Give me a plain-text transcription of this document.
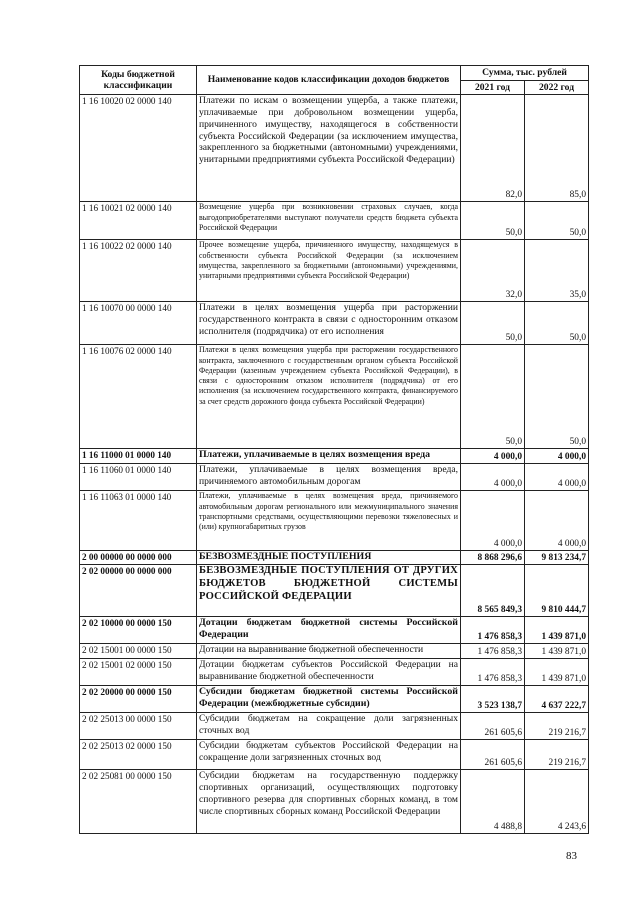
Коды бюджетной классификации	Наименование кодов классификации доходов бюджетов	Сумма, тыс. рублей	
		2021 год	2022 год
1 16 10020 02 0000 140	Платежи по искам о возмещении ущерба, а также платежи, уплачиваемые при добровольном возмещении ущерба, причиненного имуществу, находящегося в собственности субъекта Российской Федерации (за исключением имущества, закрепленного за бюджетными (автономными) учреждениями, унитарными предприятиями субъекта Российской Федерации)	82,0	85,0
1 16 10021 02 0000 140	Возмещение ущерба при возникновении страховых случаев, когда выгодоприобретателями выступают получатели средств бюджета субъекта Российской Федерации	50,0	50,0
1 16 10022 02 0000 140	Прочее возмещение ущерба, причиненного имуществу, находящемуся в собственности субъекта Российской Федерации (за исключением имущества, закрепленного за бюджетными (автономными) учреждениями, унитарными предприятиями субъекта Российской Федерации)	32,0	35,0
1 16 10070 00 0000 140	Платежи в целях возмещения ущерба при расторжении государственного контракта в связи с односторонним отказом исполнителя (подрядчика) от его исполнения	50,0	50,0
1 16 10076 02 0000 140	Платежи в целях возмещения ущерба при расторжении государственного контракта, заключенного с государственным органом субъекта Российской Федерации (казенным учреждением субъекта Российской Федерации), в связи с односторонним отказом исполнителя (подрядчика) от его исполнения (за исключением государственного контракта, финансируемого за счет средств дорожного фонда субъекта Российской Федерации)	50,0	50,0
1 16 11000 01 0000 140	Платежи, уплачиваемые в целях возмещения вреда	4 000,0	4 000,0
1 16 11060 01 0000 140	Платежи, уплачиваемые в целях возмещения вреда, причиняемого автомобильным дорогам	4 000,0	4 000,0
1 16 11063 01 0000 140	Платежи, уплачиваемые в целях возмещения вреда, причиняемого автомобильным дорогам регионального или межмуниципального значения транспортными средствами, осуществляющими перевозки тяжеловесных и (или) крупногабаритных грузов	4 000,0	4 000,0
2 00 00000 00 0000 000	БЕЗВОЗМЕЗДНЫЕ ПОСТУПЛЕНИЯ	8 868 296,6	9 813 234,7
2 02 00000 00 0000 000	БЕЗВОЗМЕЗДНЫЕ ПОСТУПЛЕНИЯ ОТ ДРУГИХ БЮДЖЕТОВ БЮДЖЕТНОЙ СИСТЕМЫ РОССИЙСКОЙ ФЕДЕРАЦИИ	8 565 849,3	9 810 444,7
2 02 10000 00 0000 150	Дотации бюджетам бюджетной системы Российской Федерации	1 476 858,3	1 439 871,0
2 02 15001 00 0000 150	Дотации на выравнивание бюджетной обеспеченности	1 476 858,3	1 439 871,0
2 02 15001 02 0000 150	Дотации бюджетам субъектов Российской Федерации на выравнивание бюджетной обеспеченности	1 476 858,3	1 439 871,0
2 02 20000 00 0000 150	Субсидии бюджетам бюджетной системы Российской Федерации (межбюджетные субсидии)	3 523 138,7	4 637 222,7
2 02 25013 00 0000 150	Субсидии бюджетам на сокращение доли загрязненных сточных вод	261 605,6	219 216,7
2 02 25013 02 0000 150	Субсидии бюджетам субъектов Российской Федерации на сокращение доли загрязненных сточных вод	261 605,6	219 216,7
2 02 25081 00 0000 150	Субсидии бюджетам на государственную поддержку спортивных организаций, осуществляющих подготовку спортивного резерва для спортивных сборных команд, в том числе спортивных сборных команд Российской Федерации	4 488,8	4 243,6
83
